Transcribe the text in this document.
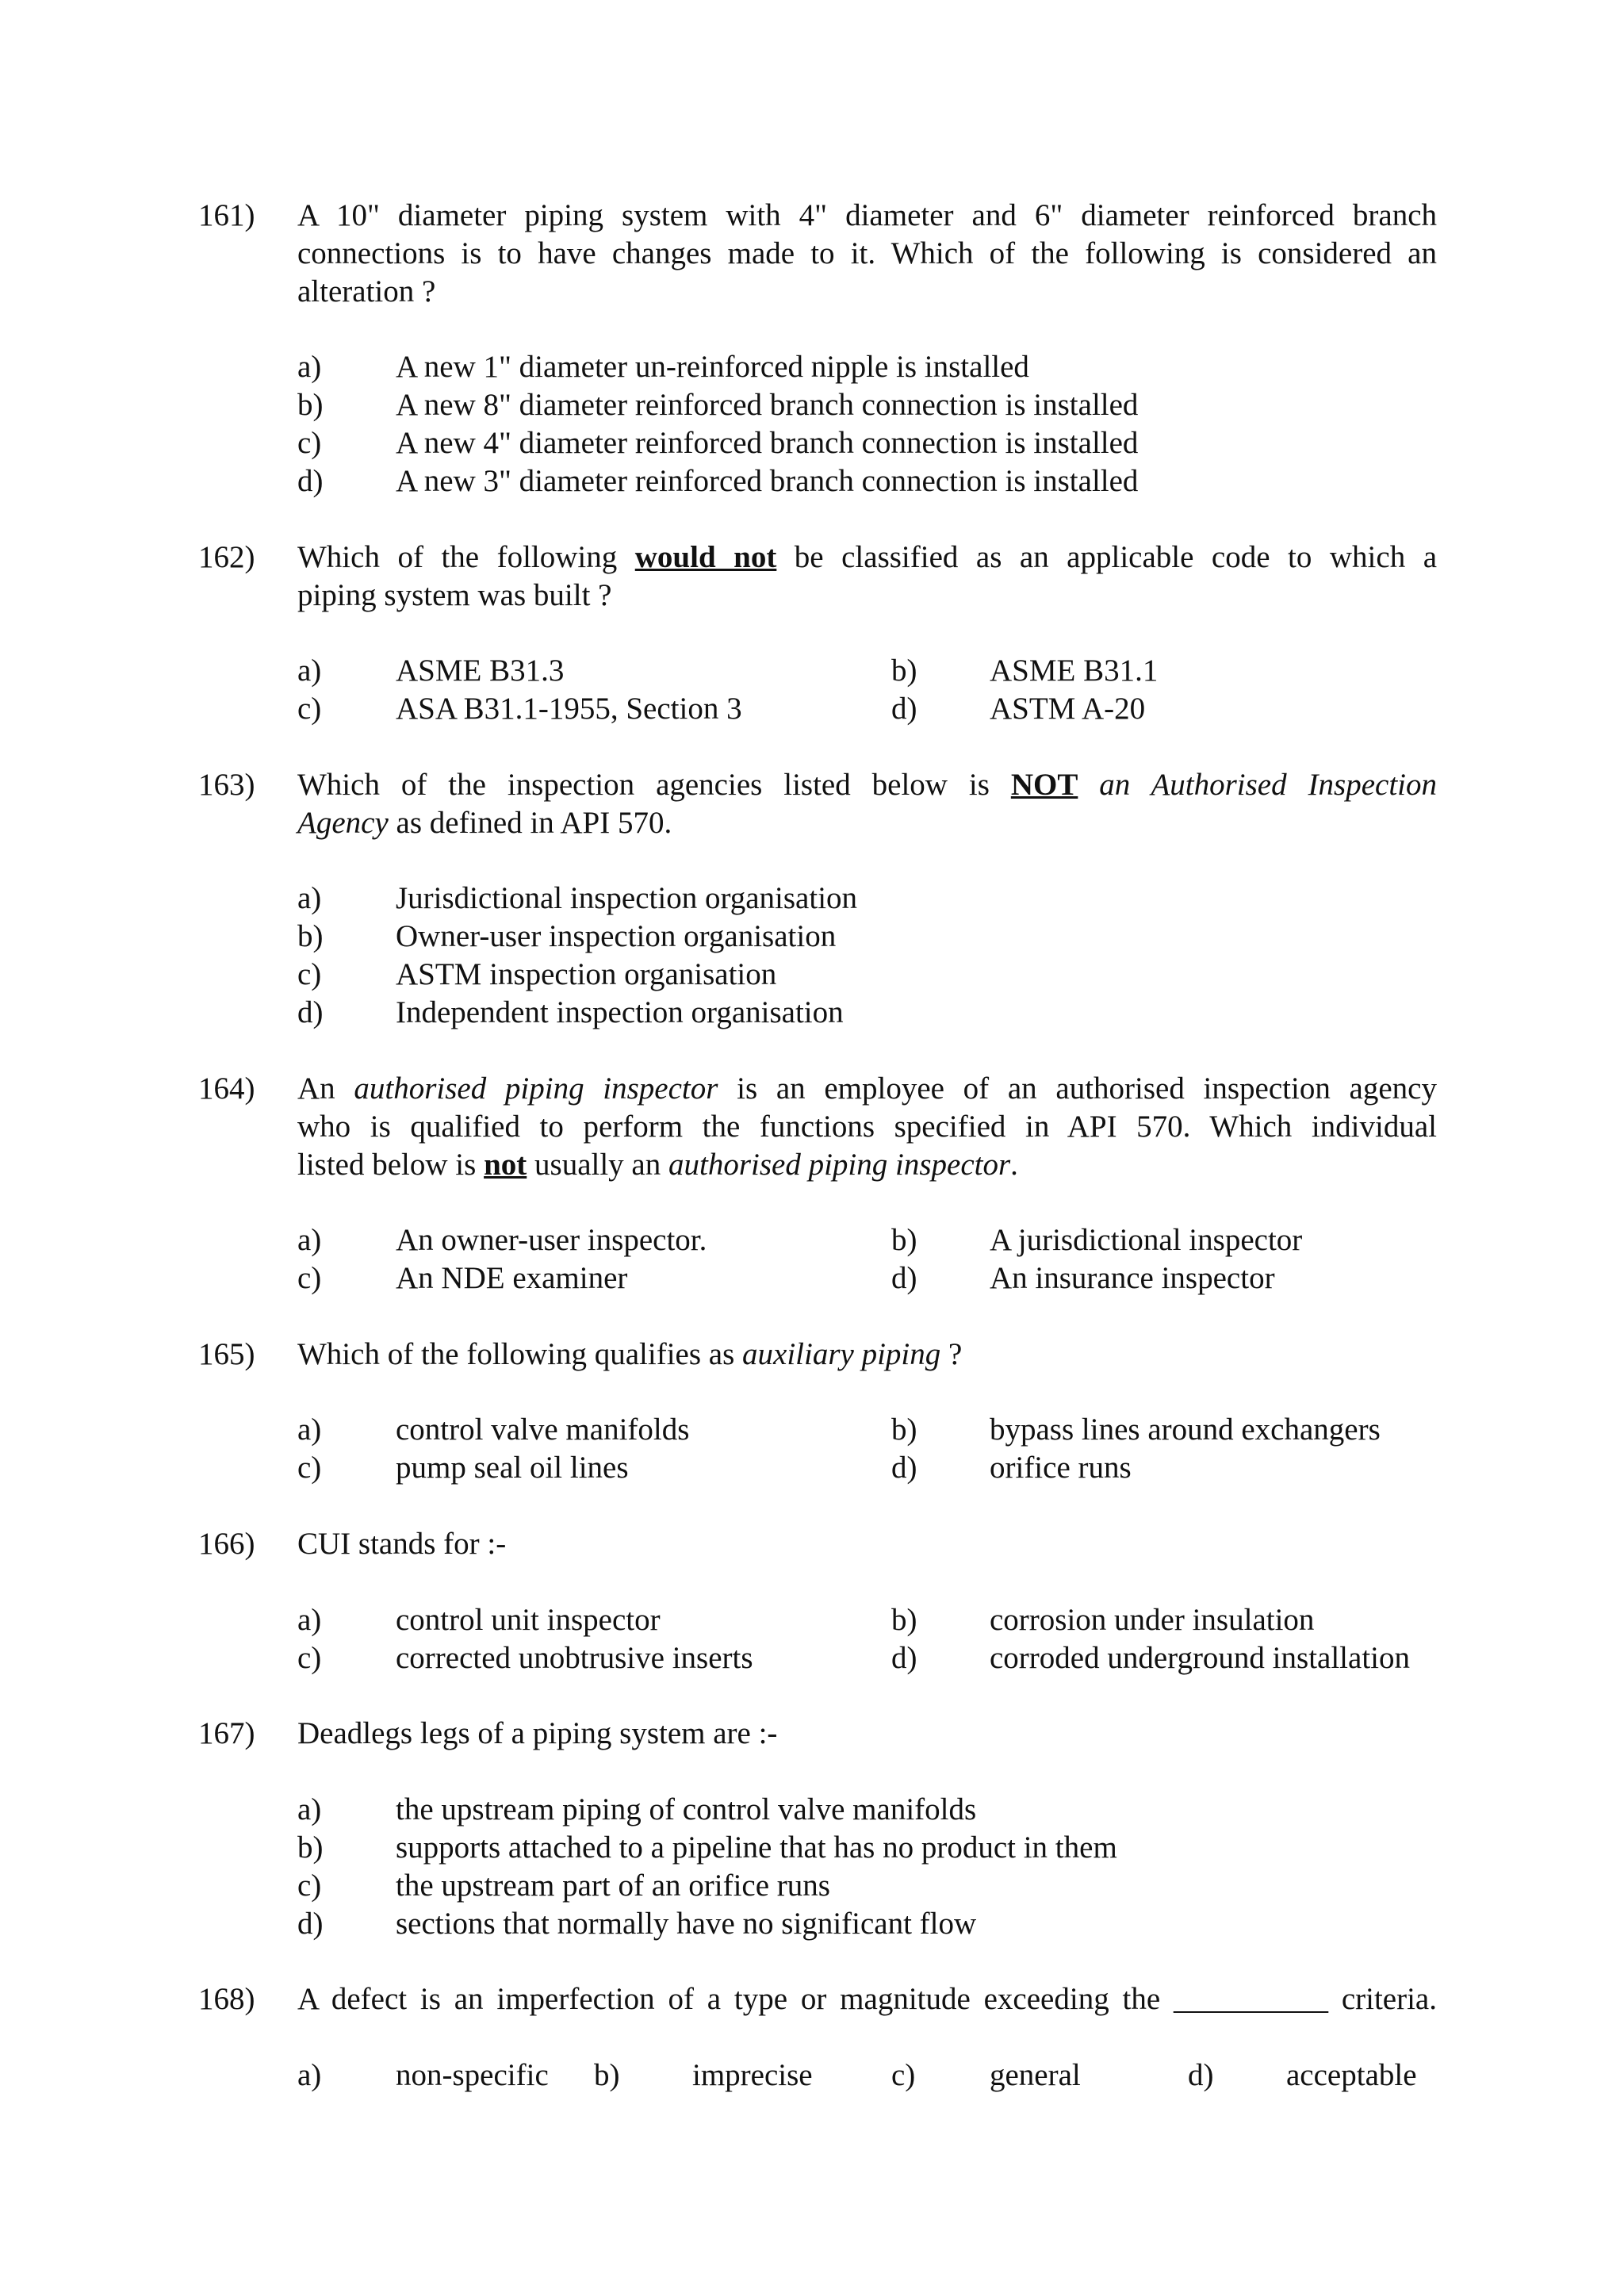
161) A 10" diameter piping system with 4" diameter and 6" diameter reinforced branch
connections is to have changes made to it. Which of the following is considered an
alteration ?
a) A new 1" diameter un-reinforced nipple is installed
b) A new 8" diameter reinforced branch connection is installed
c) A new 4" diameter reinforced branch connection is installed
d) A new 3" diameter reinforced branch connection is installed
162) Which of the following would not be classified as an applicable code to which a
piping system was built ?
a) ASME B31.3	b) ASME B31.1
c) ASA B31.1-1955, Section 3	d) ASTM A-20
163) Which of the inspection agencies listed below is NOT an Authorised Inspection
Agency as defined in API 570.
a) Jurisdictional inspection organisation
b) Owner-user inspection organisation
c) ASTM inspection organisation
d) Independent inspection organisation
164) An authorised piping inspector is an employee of an authorised inspection agency
who is qualified to perform the functions specified in API 570. Which individual
listed below is not usually an authorised piping inspector.
a) An owner-user inspector.	b) A jurisdictional inspector
c) An NDE examiner	d) An insurance inspector
165) Which of the following qualifies as auxiliary piping ?
a) control valve manifolds	b) bypass lines around exchangers
c) pump seal oil lines	d) orifice runs
166) CUI stands for :-
a) control unit inspector	b) corrosion under insulation
c) corrected unobtrusive inserts	d) corroded underground installation
167) Deadlegs legs of a piping system are :-
a) the upstream piping of control valve manifolds
b) supports attached to a pipeline that has no product in them
c) the upstream part of an orifice runs
d) sections that normally have no significant flow
168) A defect is an imperfection of a type or magnitude exceeding the __________ criteria.
a) non-specific b) imprecise	c) general	d) acceptable
